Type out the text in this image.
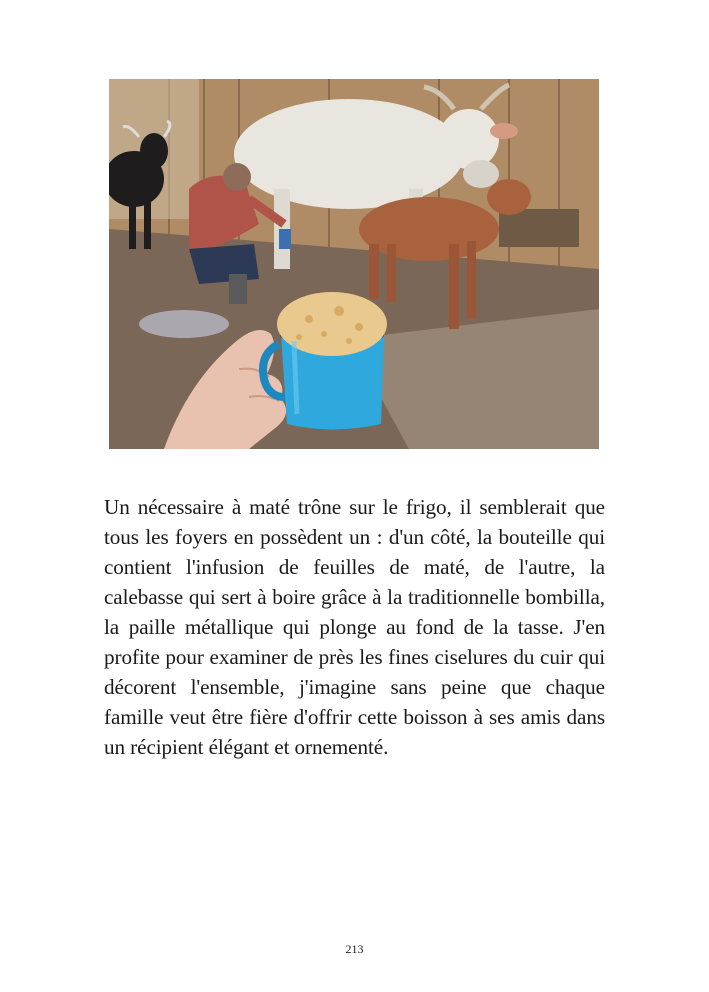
Un nécessaire à maté trône sur le frigo, il semblerait que tous les foyers en possèdent un : d'un côté, la bouteille qui contient l'infusion de feuilles de maté, de l'autre, la calebasse qui sert à boire grâce à la traditionnelle bombilla, la paille métallique qui plonge au fond de la tasse. J'en profite pour examiner de près les fines ciselures du cuir qui décorent l'ensemble, j'imagine sans peine que chaque famille veut être fière d'offrir cette boisson à ses amis dans un récipient élégant et ornementé.

213
